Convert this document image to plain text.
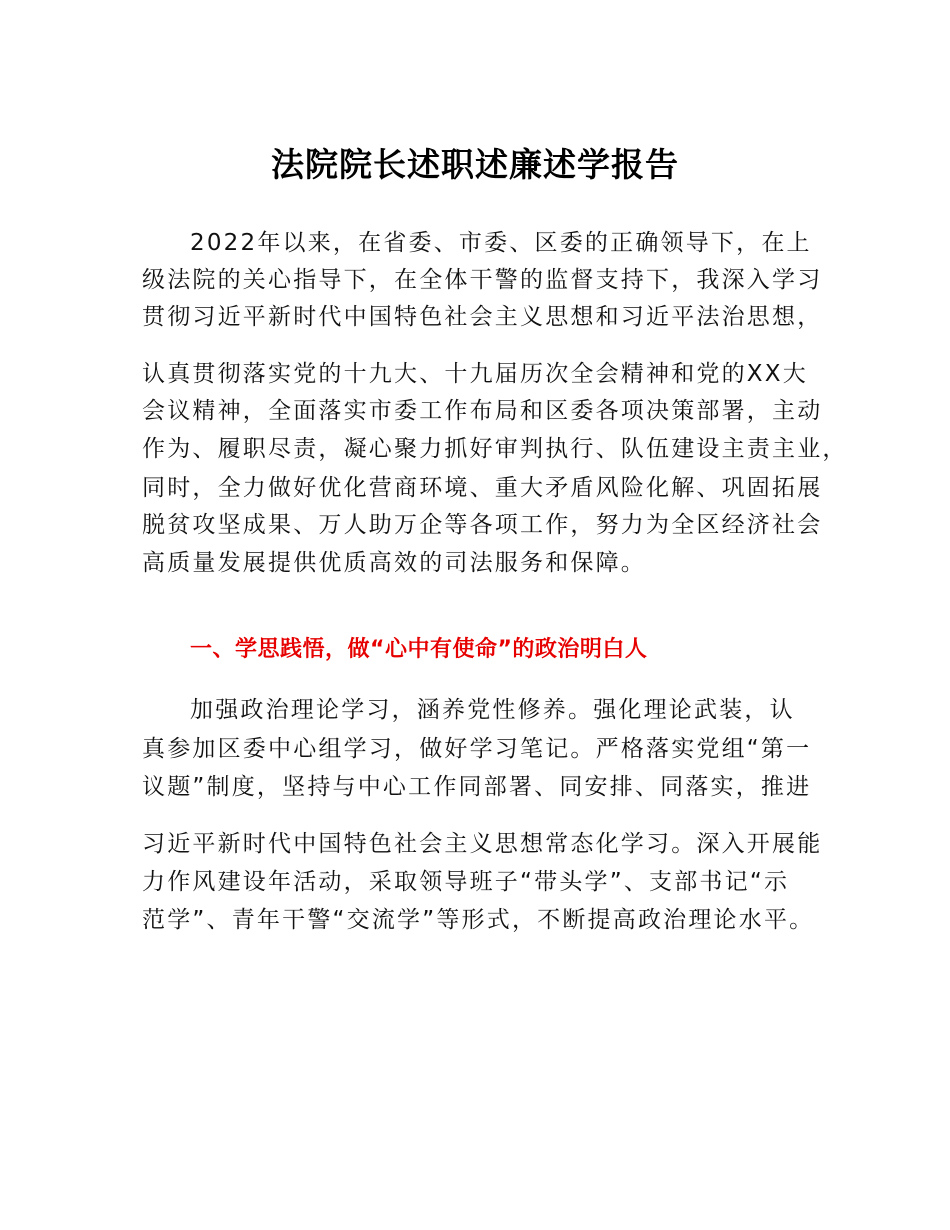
法院院长述职述廉述学报告
2022年以来，在省委、市委、区委的正确领导下，在上
级法院的关心指导下，在全体干警的监督支持下，我深入学习
贯彻习近平新时代中国特色社会主义思想和习近平法治思想，
认真贯彻落实党的十九大、十九届历次全会精神和党的XX大
会议精神，全面落实市委工作布局和区委各项决策部署，主动
作为、履职尽责，凝心聚力抓好审判执行、队伍建设主责主业，
同时，全力做好优化营商环境、重大矛盾风险化解、巩固拓展
脱贫攻坚成果、万人助万企等各项工作，努力为全区经济社会
高质量发展提供优质高效的司法服务和保障。
一、学思践悟，做“心中有使命”的政治明白人
加强政治理论学习，涵养党性修养。强化理论武装，认
真参加区委中心组学习，做好学习笔记。严格落实党组“第一
议题”制度，坚持与中心工作同部署、同安排、同落实，推进
习近平新时代中国特色社会主义思想常态化学习。深入开展能
力作风建设年活动，采取领导班子“带头学”、支部书记“示
范学”、青年干警“交流学”等形式，不断提高政治理论水平。
